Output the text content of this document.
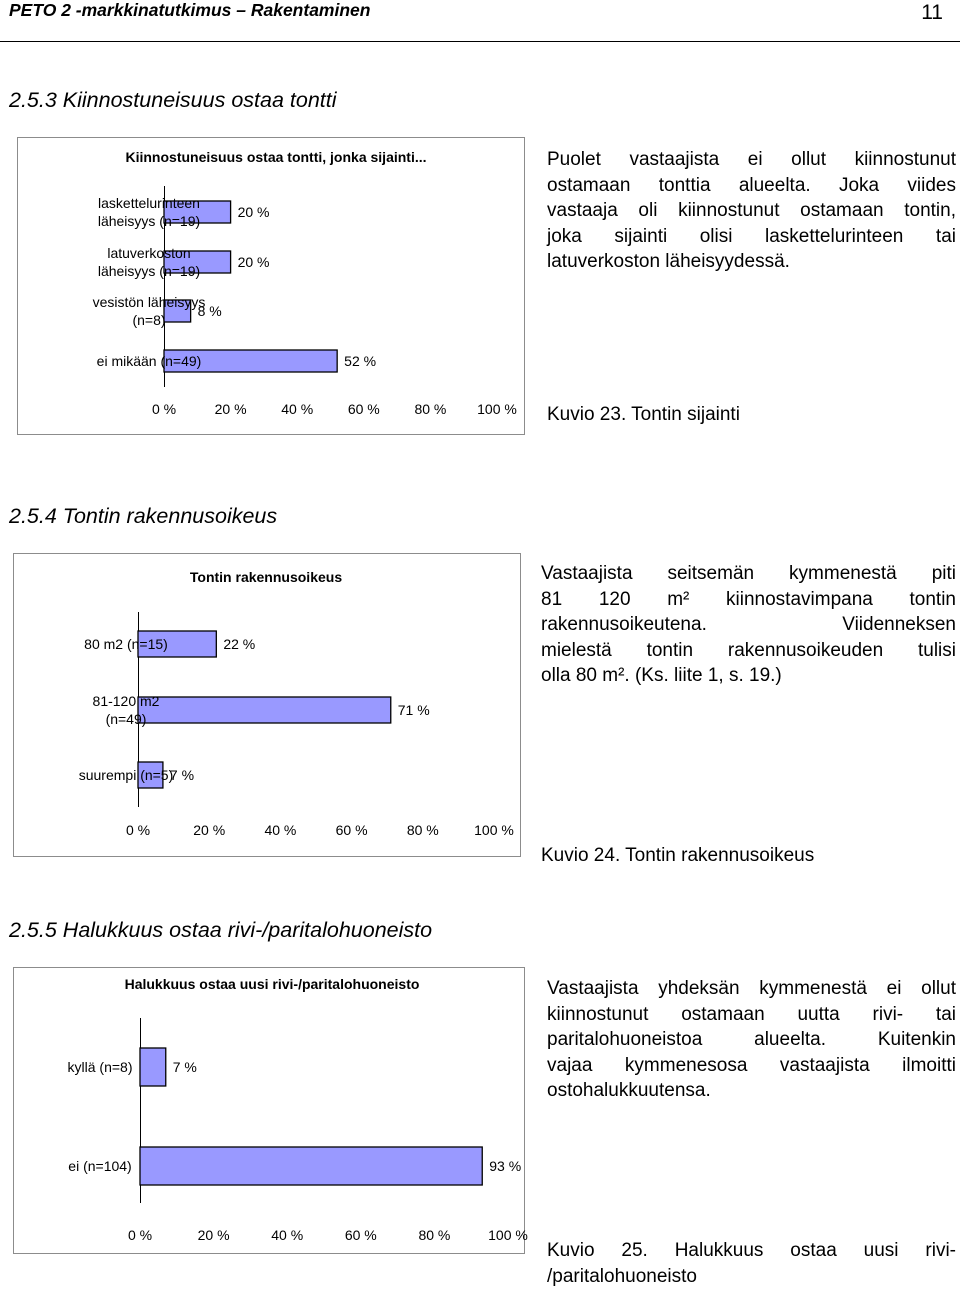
PETO 2 -markkinatutkimus – Rakentaminen	11
2.5.3 Kiinnostuneisuus ostaa tontti
Kiinnostuneisuus ostaa tontti, jonka sijainti...
20 %
laskettelurinteen
läheisyys (n=19)
20 %
latuverkoston
läheisyys (n=19)
8 %
vesistön läheisyys
(n=8)
52 %
ei mikään (n=49)
0 %	20 % 40 % 60 % 80 % 100 %
Puolet vastaajista ei ollut kiinnostunut
ostamaan tonttia alueelta. Joka viides
vastaaja oli kiinnostunut ostamaan tontin,
joka sijainti olisi laskettelurinteen tai
latuverkoston läheisyydessä.
Kuvio 23. Tontin sijainti
2.5.4 Tontin rakennusoikeus
Tontin rakennusoikeus
22 %
80 m2 (n=15)
71 %
81-120 m2
(n=49)
7 %
suurempi (n=5)
0 %	20 %	40 %	60 %	80 %	100 %
Vastaajista seitsemän kymmenestä piti
81 120 m² kiinnostavimpana tontin
rakennusoikeutena. Viidenneksen
mielestä tontin rakennusoikeuden tulisi
olla 80 m². (Ks. liite 1, s. 19.)
Kuvio 24. Tontin rakennusoikeus
2.5.5 Halukkuus ostaa rivi-/paritalohuoneisto
Halukkuus ostaa uusi rivi-/paritalohuoneisto
7 %
kyllä (n=8)
93 %
ei (n=104)
0 %	20 %	40 %	60 %	80 %	100 %
Vastaajista yhdeksän kymmenestä ei ollut
kiinnostunut ostamaan uutta rivi- tai
paritalohuoneistoa alueelta. Kuitenkin
vajaa kymmenesosa vastaajista ilmoitti
ostohalukkuutensa.
Kuvio 25. Halukkuus ostaa uusi rivi-
/paritalohuoneisto
